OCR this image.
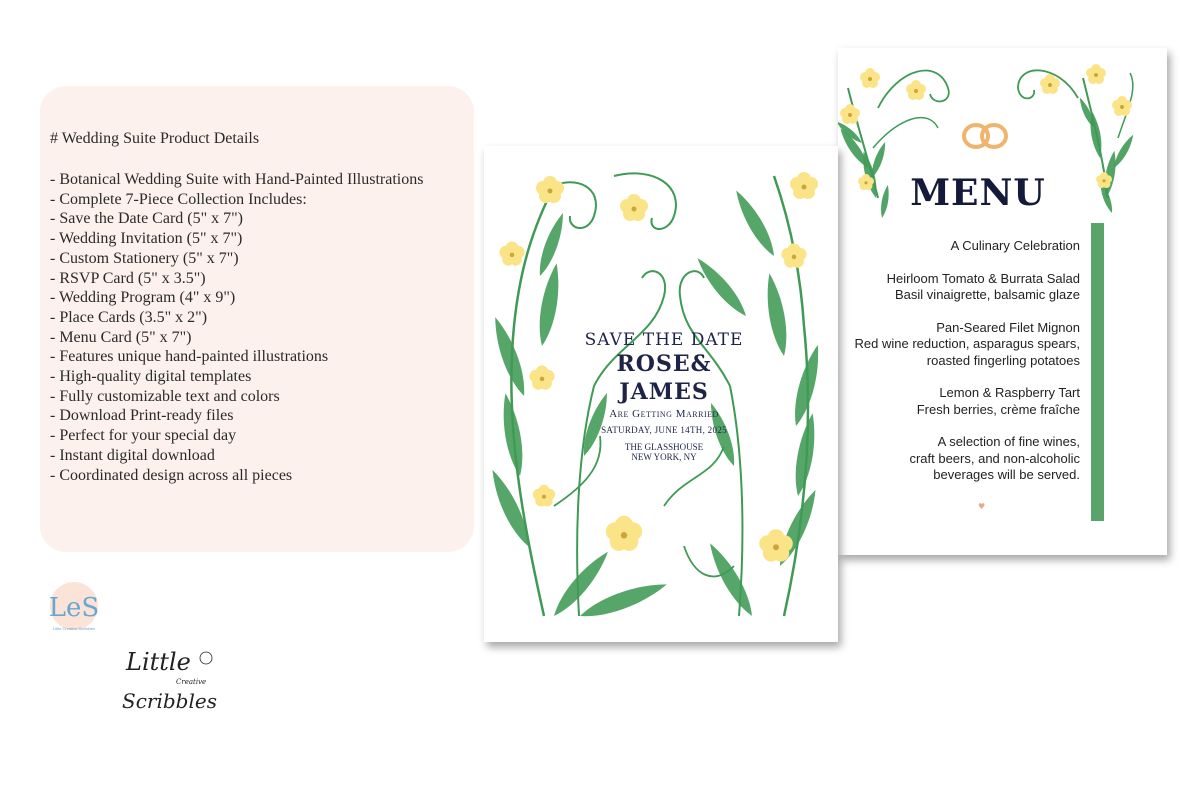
# Wedding Suite Product Details
- Botanical Wedding Suite with Hand-Painted Illustrations
- Complete 7-Piece Collection Includes:
- Save the Date Card (5" x 7")
- Wedding Invitation (5" x 7")
- Custom Stationery (5" x 7")
- RSVP Card (5" x 3.5")
- Wedding Program (4" x 9")
- Place Cards (3.5" x 2")
- Menu Card (5" x 7")
- Features unique hand-painted illustrations
- High-quality digital templates
- Fully customizable text and colors
- Download Print-ready files
- Perfect for your special day
- Instant digital download
- Coordinated design across all pieces
MENU
A Culinary Celebration
Heirloom Tomato & Burrata Salad
Basil vinaigrette, balsamic glaze
Pan-Seared Filet Mignon
Red wine reduction, asparagus spears,
roasted fingerling potatoes
Lemon & Raspberry Tart
Fresh berries, crème fraîche
A selection of fine wines,
craft beers, and non-alcoholic
beverages will be served.
♥
SAVE THE DATE
ROSE&
JAMES
Are Getting Married
SATURDAY, JUNE 14TH, 2025
THE GLASSHOUSE
NEW YORK, NY
LeS
Little Creative Scribbles
Little
Creative
Scribbles
